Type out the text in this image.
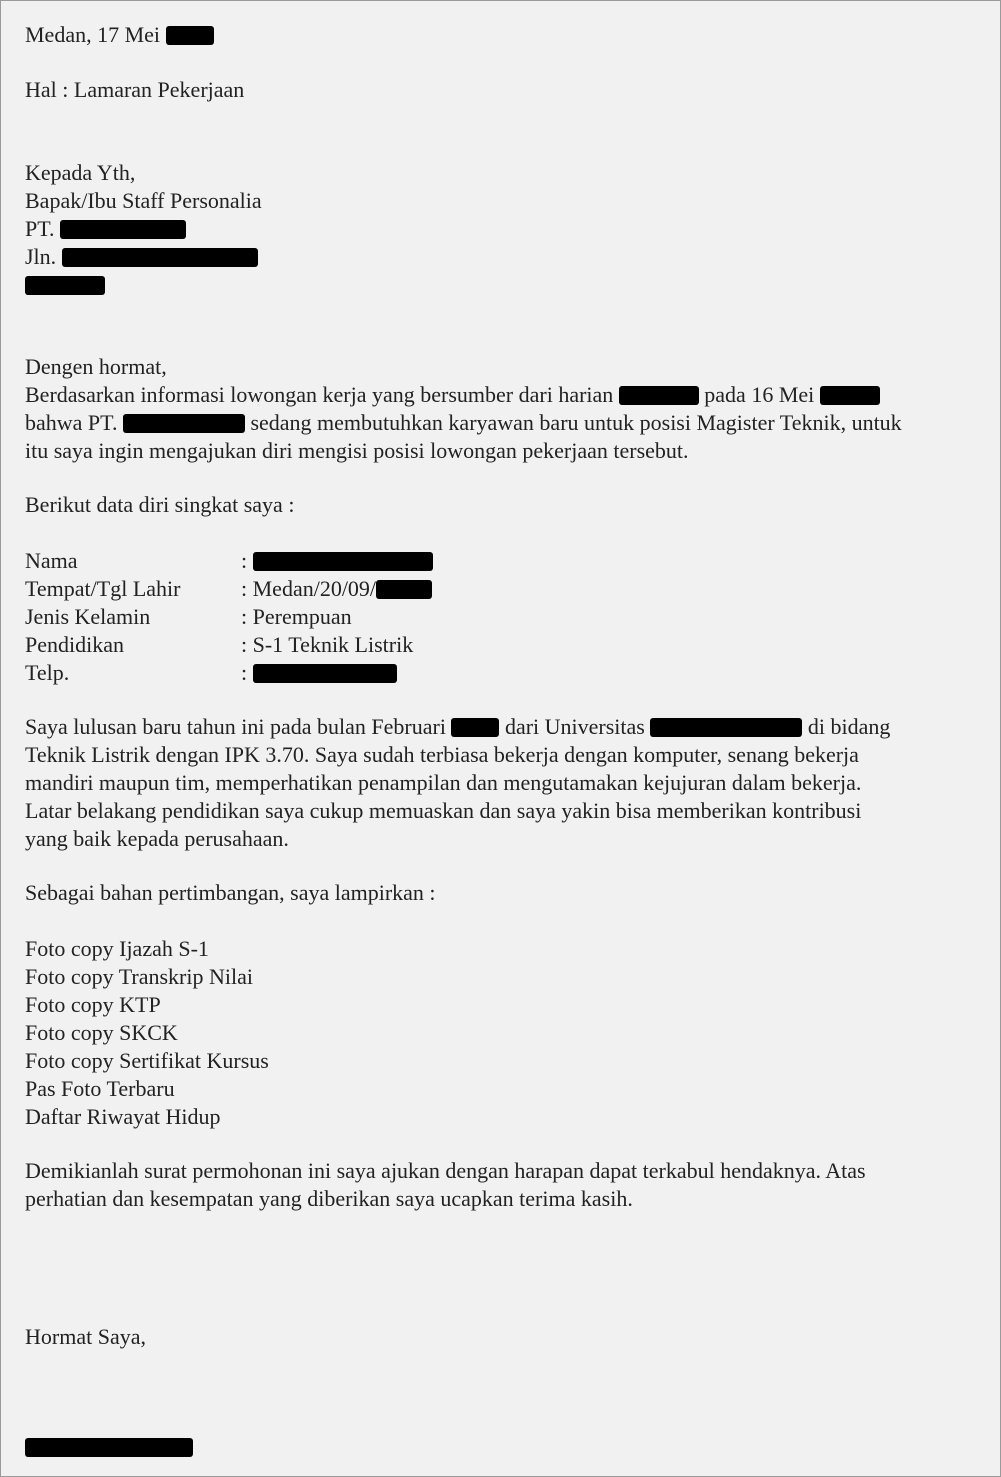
Medan, 17 Mei
Hal : Lamaran Pekerjaan
Kepada Yth,
Bapak/Ibu Staff Personalia
PT.
Jln.
Dengen hormat,
Berdasarkan informasi lowongan kerja yang bersumber dari harian	pada 16 Mei
bahwa PT.	sedang membutuhkan karyawan baru untuk posisi Magister Teknik, untuk
itu saya ingin mengajukan diri mengisi posisi lowongan pekerjaan tersebut.
Berikut data diri singkat saya :
Nama	:
Tempat/Tgl Lahir	: Medan/20/09/
Jenis Kelamin	: Perempuan
Pendidikan	: S-1 Teknik Listrik
Telp.	:
Saya lulusan baru tahun ini pada bulan Februari	dari Universitas	di bidang
Teknik Listrik dengan IPK 3.70. Saya sudah terbiasa bekerja dengan komputer, senang bekerja
mandiri maupun tim, memperhatikan penampilan dan mengutamakan kejujuran dalam bekerja.
Latar belakang pendidikan saya cukup memuaskan dan saya yakin bisa memberikan kontribusi
yang baik kepada perusahaan.
Sebagai bahan pertimbangan, saya lampirkan :
Foto copy Ijazah S-1
Foto copy Transkrip Nilai
Foto copy KTP
Foto copy SKCK
Foto copy Sertifikat Kursus
Pas Foto Terbaru
Daftar Riwayat Hidup
Demikianlah surat permohonan ini saya ajukan dengan harapan dapat terkabul hendaknya. Atas
perhatian dan kesempatan yang diberikan saya ucapkan terima kasih.
Hormat Saya,
